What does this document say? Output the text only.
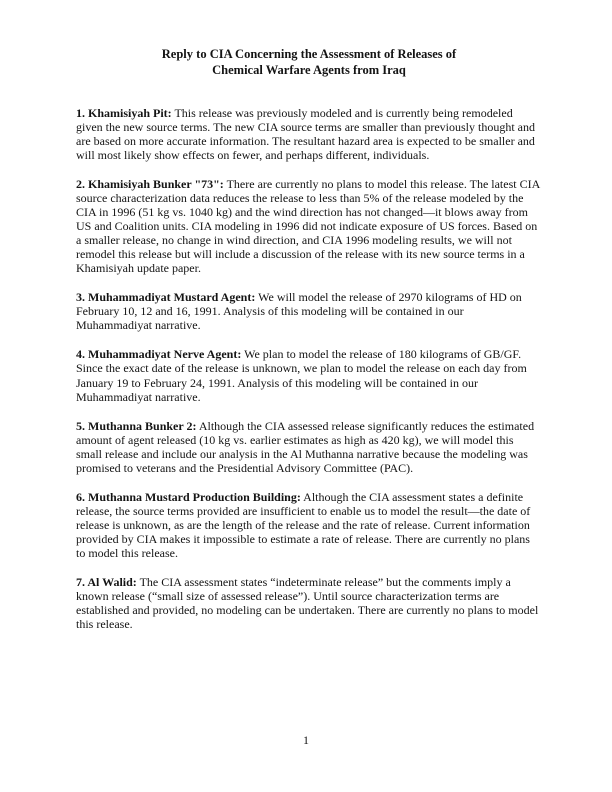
Reply to CIA Concerning the Assessment of Releases of
Chemical Warfare Agents from Iraq

1. Khamisiyah Pit: This release was previously modeled and is currently being remodeled given the new source terms. The new CIA source terms are smaller than previously thought and are based on more accurate information. The resultant hazard area is expected to be smaller and will most likely show effects on fewer, and perhaps different, individuals.

2. Khamisiyah Bunker "73": There are currently no plans to model this release. The latest CIA source characterization data reduces the release to less than 5% of the release modeled by the CIA in 1996 (51 kg vs. 1040 kg) and the wind direction has not changed—it blows away from US and Coalition units. CIA modeling in 1996 did not indicate exposure of US forces. Based on a smaller release, no change in wind direction, and CIA 1996 modeling results, we will not remodel this release but will include a discussion of the release with its new source terms in a Khamisiyah update paper.

3. Muhammadiyat Mustard Agent: We will model the release of 2970 kilograms of HD on February 10, 12 and 16, 1991. Analysis of this modeling will be contained in our Muhammadiyat narrative.

4. Muhammadiyat Nerve Agent: We plan to model the release of 180 kilograms of GB/GF. Since the exact date of the release is unknown, we plan to model the release on each day from January 19 to February 24, 1991. Analysis of this modeling will be contained in our Muhammadiyat narrative.

5. Muthanna Bunker 2: Although the CIA assessed release significantly reduces the estimated amount of agent released (10 kg vs. earlier estimates as high as 420 kg), we will model this small release and include our analysis in the Al Muthanna narrative because the modeling was promised to veterans and the Presidential Advisory Committee (PAC).

6. Muthanna Mustard Production Building: Although the CIA assessment states a definite release, the source terms provided are insufficient to enable us to model the result—the date of release is unknown, as are the length of the release and the rate of release. Current information provided by CIA makes it impossible to estimate a rate of release. There are currently no plans to model this release.

7. Al Walid: The CIA assessment states “indeterminate release” but the comments imply a known release (“small size of assessed release”). Until source characterization terms are established and provided, no modeling can be undertaken. There are currently no plans to model this release.

1
